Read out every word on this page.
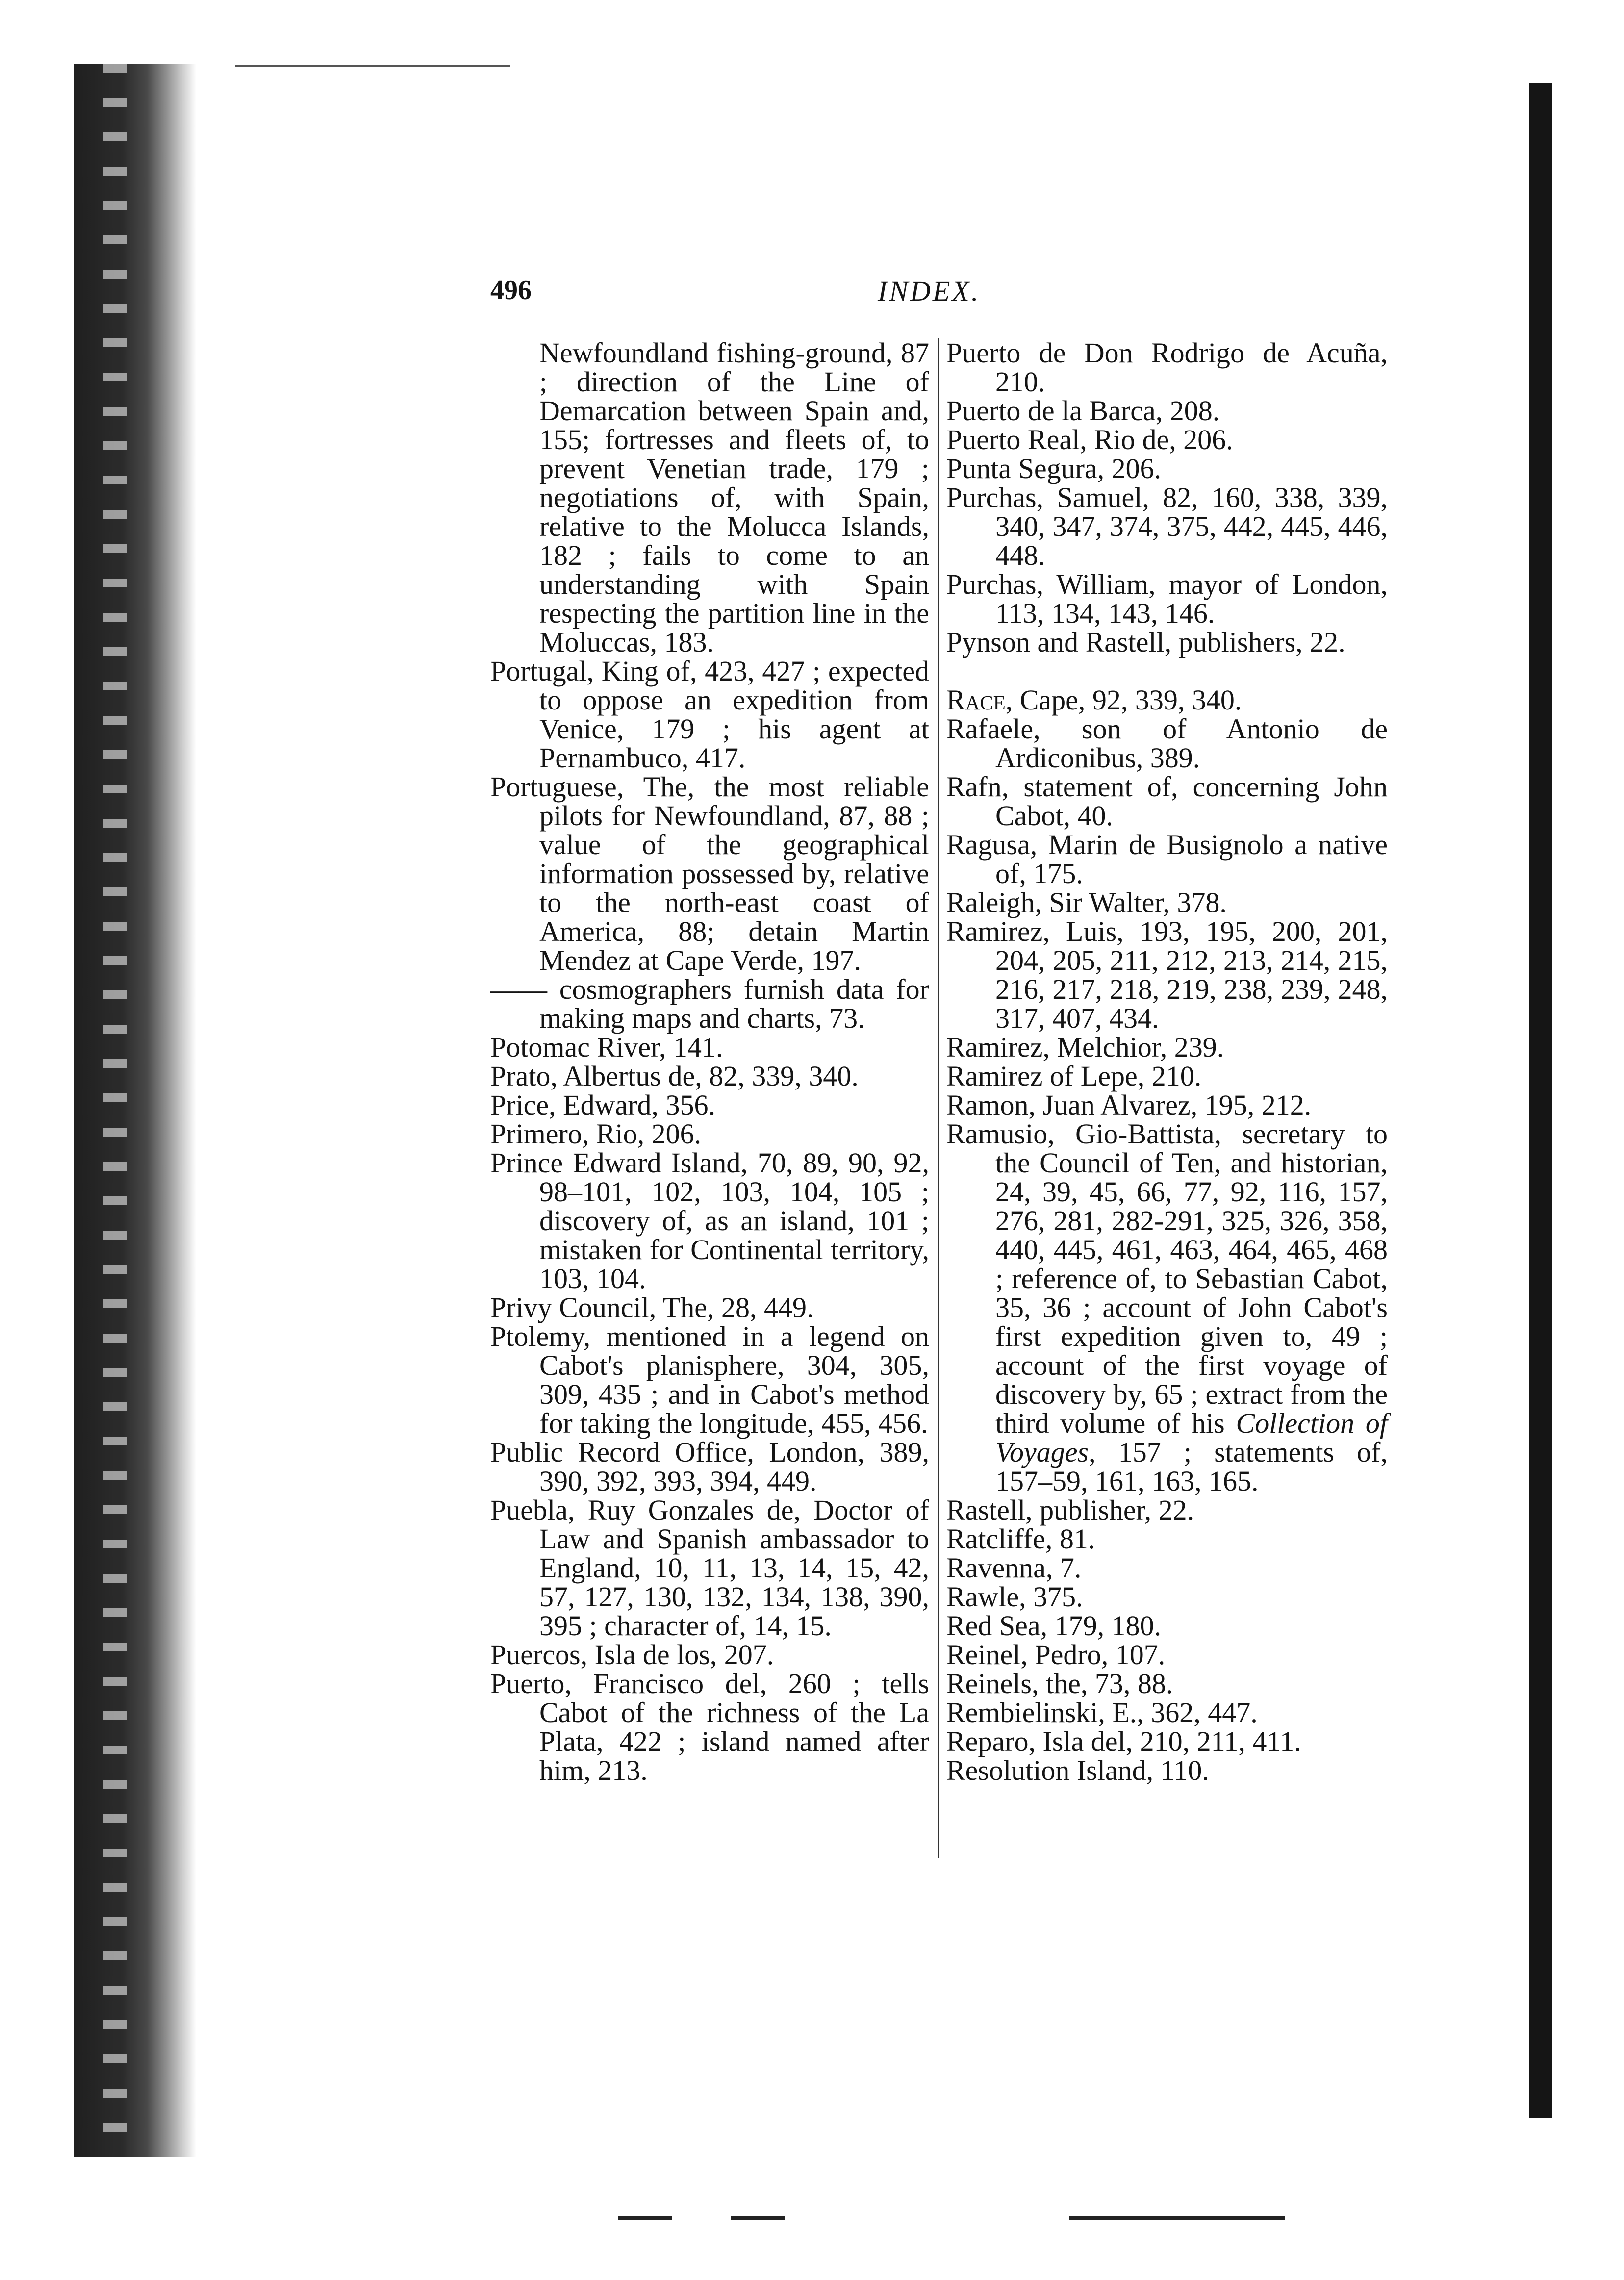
496	INDEX.

Newfoundland fishing-ground, 87 ; direction of the Line of Demarcation between Spain and, 155; fortresses and fleets of, to prevent Venetian trade, 179 ; negotiations of, with Spain, relative to the Molucca Islands, 182 ; fails to come to an understanding with Spain respecting the partition line in the Moluccas, 183.

Portugal, King of, 423, 427 ; expected to oppose an expedition from Venice, 179 ; his agent at Pernambuco, 417.

Portuguese, The, the most reliable pilots for Newfoundland, 87, 88 ; value of the geographical information possessed by, relative to the north-east coast of America, 88; detain Martin Mendez at Cape Verde, 197.

—— cosmographers furnish data for making maps and charts, 73.

Potomac River, 141.

Prato, Albertus de, 82, 339, 340.

Price, Edward, 356.

Primero, Rio, 206.

Prince Edward Island, 70, 89, 90, 92, 98–101, 102, 103, 104, 105 ; discovery of, as an island, 101 ; mistaken for Continental territory, 103, 104.

Privy Council, The, 28, 449.

Ptolemy, mentioned in a legend on Cabot's planisphere, 304, 305, 309, 435 ; and in Cabot's method for taking the longitude, 455, 456.

Public Record Office, London, 389, 390, 392, 393, 394, 449.

Puebla, Ruy Gonzales de, Doctor of Law and Spanish ambassador to England, 10, 11, 13, 14, 15, 42, 57, 127, 130, 132, 134, 138, 390, 395 ; character of, 14, 15.

Puercos, Isla de los, 207.

Puerto, Francisco del, 260 ; tells Cabot of the richness of the La Plata, 422 ; island named after him, 213.

Puerto de Don Rodrigo de Acuña, 210.

Puerto de la Barca, 208.

Puerto Real, Rio de, 206.

Punta Segura, 206.

Purchas, Samuel, 82, 160, 338, 339, 340, 347, 374, 375, 442, 445, 446, 448.

Purchas, William, mayor of London, 113, 134, 143, 146.

Pynson and Rastell, publishers, 22.

Race, Cape, 92, 339, 340.

Rafaele, son of Antonio de Ardiconibus, 389.

Rafn, statement of, concerning John Cabot, 40.

Ragusa, Marin de Busignolo a native of, 175.

Raleigh, Sir Walter, 378.

Ramirez, Luis, 193, 195, 200, 201, 204, 205, 211, 212, 213, 214, 215, 216, 217, 218, 219, 238, 239, 248, 317, 407, 434.

Ramirez, Melchior, 239.

Ramirez of Lepe, 210.

Ramon, Juan Alvarez, 195, 212.

Ramusio, Gio-Battista, secretary to the Council of Ten, and historian, 24, 39, 45, 66, 77, 92, 116, 157, 276, 281, 282-291, 325, 326, 358, 440, 445, 461, 463, 464, 465, 468 ; reference of, to Sebastian Cabot, 35, 36 ; account of John Cabot's first expedition given to, 49 ; account of the first voyage of discovery by, 65 ; extract from the third volume of his Collection of Voyages, 157 ; statements of, 157–59, 161, 163, 165.

Rastell, publisher, 22.

Ratcliffe, 81.

Ravenna, 7.

Rawle, 375.

Red Sea, 179, 180.

Reinel, Pedro, 107.

Reinels, the, 73, 88.

Rembielinski, E., 362, 447.

Reparo, Isla del, 210, 211, 411.

Resolution Island, 110.
